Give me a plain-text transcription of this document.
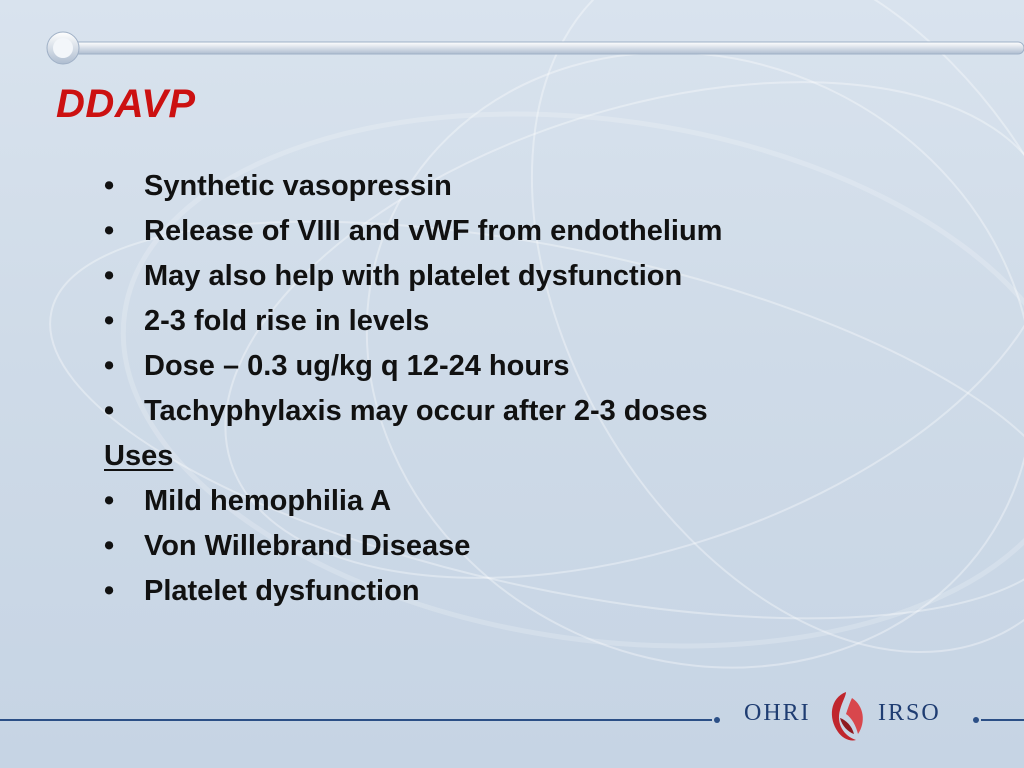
DDAVP
•	Synthetic vasopressin
•	Release of VIII and vWF from endothelium
•	May also help with platelet dysfunction
•	2-3 fold rise in levels
•	Dose – 0.3 ug/kg q 12-24 hours
•	Tachyphylaxis may occur after 2-3 doses
Uses
•	Mild hemophilia A
•	Von Willebrand Disease
•	Platelet dysfunction
OHRI	IRSO
